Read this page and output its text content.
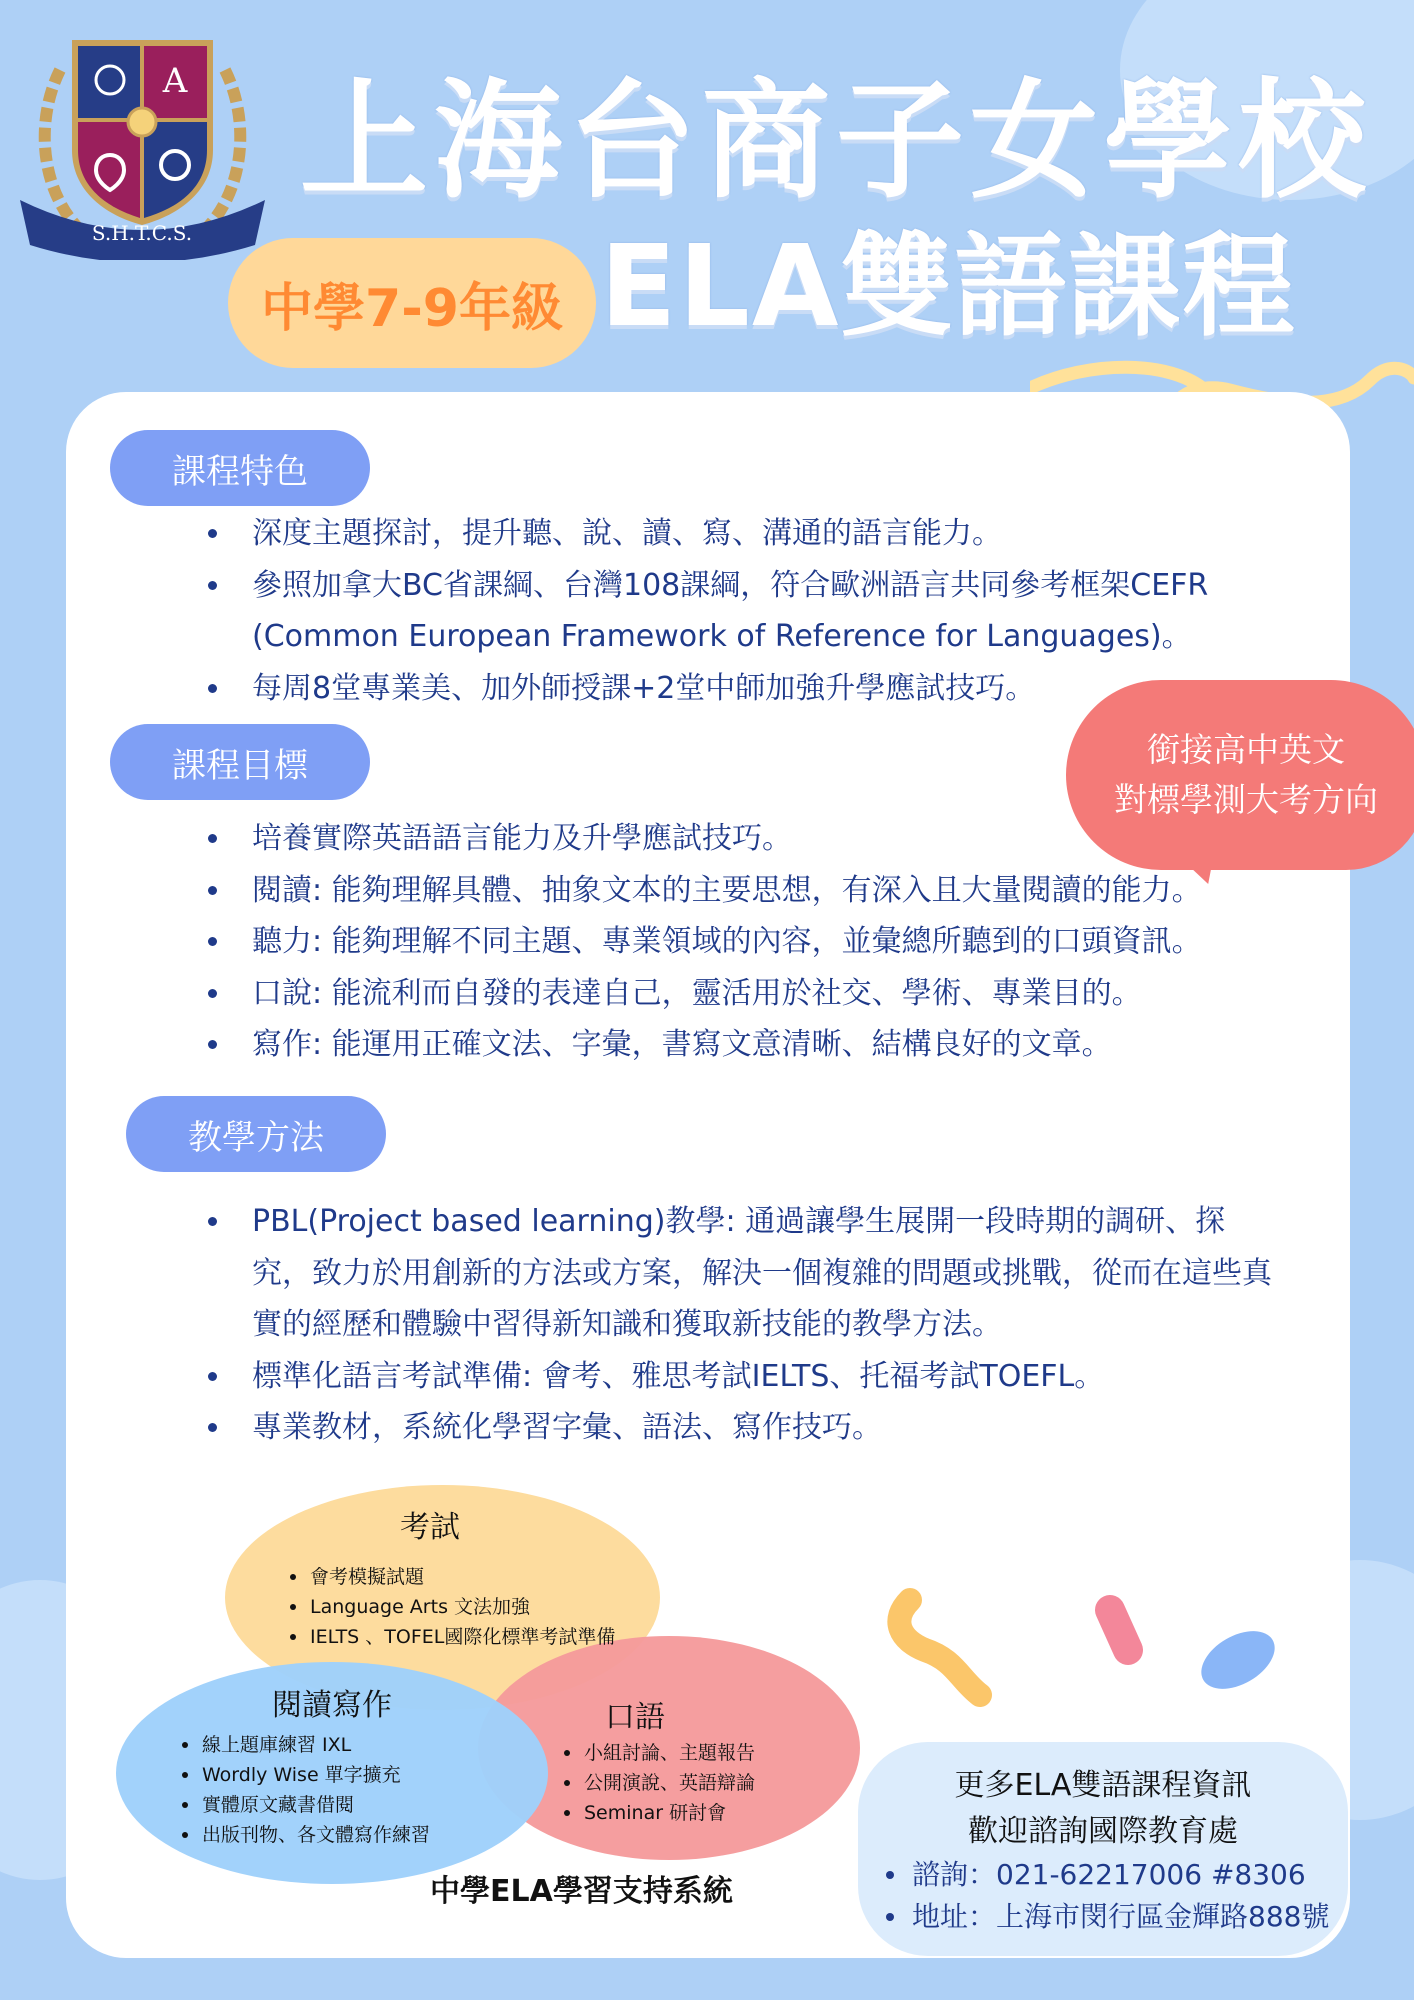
A
S.H.T.C.S.
上海台商子女學校
中學7-9年級 ELA雙語課程
課程特色
深度主題探討，提升聽、說、讀、寫、溝通的語言能力。
參照加拿大BC省課綱、台灣108課綱，符合歐洲語言共同參考框架CEFR (Common European Framework of Reference for Languages)。
每周8堂專業美、加外師授課+2堂中師加強升學應試技巧。
課程目標
培養實際英語語言能力及升學應試技巧。
閱讀: 能夠理解具體、抽象文本的主要思想，有深入且大量閱讀的能力。
聽力: 能夠理解不同主題、專業領域的內容，並彙總所聽到的口頭資訊。
口說: 能流利而自發的表達自己，靈活用於社交、學術、專業目的。
寫作: 能運用正確文法、字彙，書寫文意清晰、結構良好的文章。
銜接高中英文
對標學測大考方向
教學方法
PBL(Project based learning)教學: 通過讓學生展開一段時期的調研、探究，致力於用創新的方法或方案，解決一個複雜的問題或挑戰，從而在這些真實的經歷和體驗中習得新知識和獲取新技能的教學方法。
標準化語言考試準備: 會考、雅思考試IELTS、托福考試TOEFL。
專業教材，系統化學習字彙、語法、寫作技巧。
考試
會考模擬試題
Language Arts 文法加強
IELTS 、TOFEL國際化標準考試準備
閱讀寫作
線上題庫練習 IXL
Wordly Wise 單字擴充
實體原文藏書借閱
出版刊物、各文體寫作練習
口語
小組討論、主題報告
公開演說、英語辯論
Seminar 研討會
中學ELA學習支持系統
更多ELA雙語課程資訊
歡迎諮詢國際教育處
諮詢：021-62217006 #8306
地址：上海市閔行區金輝路888號
